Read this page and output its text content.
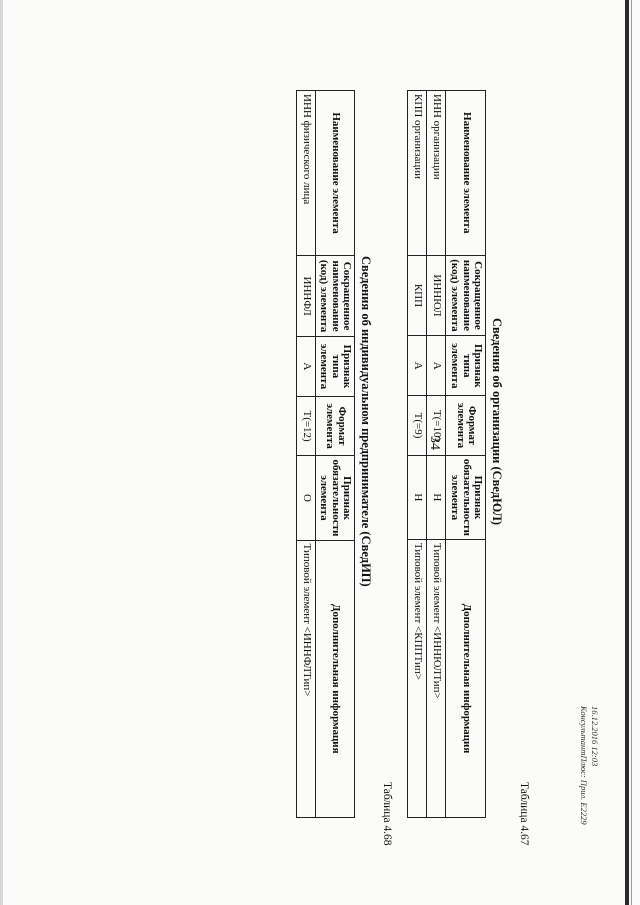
34
Таблица 4.67
Сведения об организации (СведЮЛ)
Наименование элемента	Сокращенное наименование (код) элемента	Признак типа элемента	Формат элемента	Признак обязательности элемента	Дополнительная информация
ИНН организации	ИННЮЛ	А	T(=10)	Н	Типовой элемент <ИННЮЛТип>
КПП организации	КПП	А	T(=9)	Н	Типовой элемент <КППТип>
Таблица 4.68
Сведения об индивидуальном предпринимателе (СведИП)
Наименование элемента	Сокращенное наименование (код) элемента	Признак типа элемента	Формат элемента	Признак обязательности элемента	Дополнительная информация
ИНН физического лица	ИННФЛ	А	T(=12)	О	Типовой элемент <ИННФЛТип>
16.12.2016 12:03
КонсультантПлюс: Прил. Е2229
